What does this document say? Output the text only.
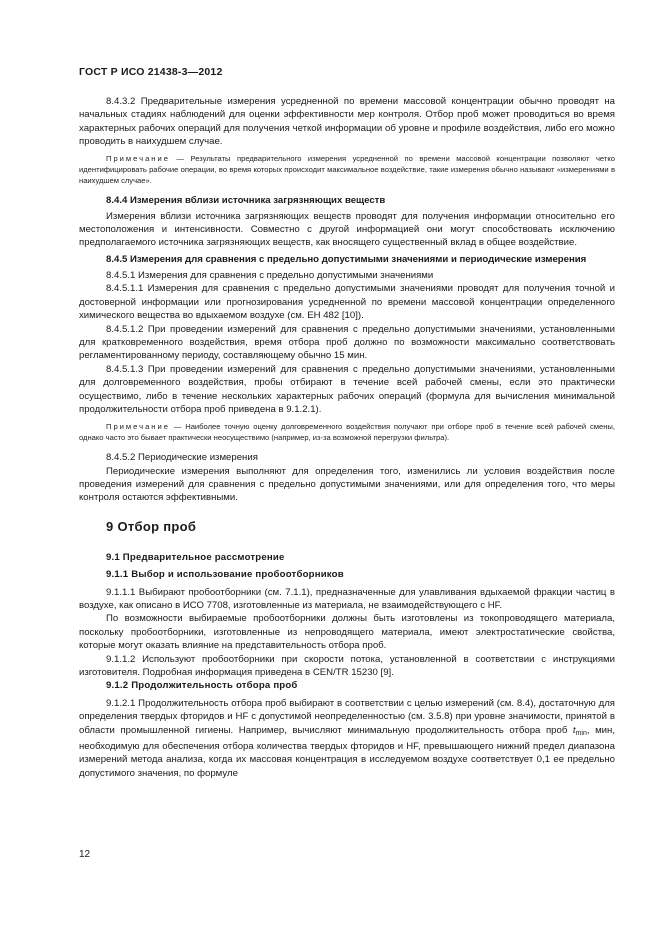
ГОСТ Р ИСО 21438-3—2012

8.4.3.2 Предварительные измерения усредненной по времени массовой концентрации обычно проводят на начальных стадиях наблюдений для оценки эффективности мер контроля. Отбор проб может проводиться во время характерных рабочих операций для получения четкой информации об уровне и профиле воздействия, либо его можно проводить в наихудшем случае.

Примечание — Результаты предварительного измерения усредненной по времени массовой концентрации позволяют четко идентифицировать рабочие операции, во время которых происходит максимальное воздействие, такие измерения обычно называют «измерениями в наихудшем случае».

8.4.4 Измерения вблизи источника загрязняющих веществ

Измерения вблизи источника загрязняющих веществ проводят для получения информации относительно его местоположения и интенсивности. Совместно с другой информацией они могут способствовать исключению предполагаемого источника загрязняющих веществ, как вносящего существенный вклад в общее воздействие.

8.4.5 Измерения для сравнения с предельно допустимыми значениями и периодические измерения

8.4.5.1 Измерения для сравнения с предельно допустимыми значениями

8.4.5.1.1 Измерения для сравнения с предельно допустимыми значениями проводят для получения точной и достоверной информации или прогнозирования усредненной по времени массовой концентрации определенного химического вещества во вдыхаемом воздухе (см. ЕН 482 [10]).

8.4.5.1.2 При проведении измерений для сравнения с предельно допустимыми значениями, установленными для кратковременного воздействия, время отбора проб должно по возможности максимально соответствовать регламентированному периоду, составляющему обычно 15 мин.

8.4.5.1.3 При проведении измерений для сравнения с предельно допустимыми значениями, установленными для долговременного воздействия, пробы отбирают в течение всей рабочей смены, если это практически осуществимо, либо в течение нескольких характерных рабочих операций (формула для вычисления минимальной продолжительности отбора проб приведена в 9.1.2.1).

Примечание — Наиболее точную оценку долговременного воздействия получают при отборе проб в течение всей рабочей смены, однако часто это бывает практически неосуществимо (например, из-за возможной перегрузки фильтра).

8.4.5.2 Периодические измерения

Периодические измерения выполняют для определения того, изменились ли условия воздействия после проведения измерений для сравнения с предельно допустимыми значениями, или для определения того, что меры контроля остаются эффективными.

9 Отбор проб
9.1 Предварительное рассмотрение
9.1.1 Выбор и использование пробоотборников

9.1.1.1 Выбирают пробоотборники (см. 7.1.1), предназначенные для улавливания вдыхаемой фракции частиц в воздухе, как описано в ИСО 7708, изготовленные из материала, не взаимодействующего с HF.

По возможности выбираемые пробоотборники должны быть изготовлены из токопроводящего материала, поскольку пробоотборники, изготовленные из непроводящего материала, имеют электростатические свойства, которые могут оказать влияние на представительность отбора проб.

9.1.1.2 Используют пробоотборники при скорости потока, установленной в соответствии с инструкциями изготовителя. Подробная информация приведена в CEN/TR 15230 [9].

9.1.2 Продолжительность отбора проб

9.1.2.1 Продолжительность отбора проб выбирают в соответствии с целью измерений (см. 8.4), достаточную для определения твердых фторидов и HF с допустимой неопределенностью (см. 3.5.8) при уровне значимости, принятой в области промышленной гигиены. Например, вычисляют минимальную продолжительность отбора проб $t_{min}$, мин, необходимую для обеспечения отбора количества твердых фторидов и HF, превышающего нижний предел диапазона измерений метода анализа, когда их массовая концентрация в исследуемом воздухе соответствует 0,1 ее предельно допустимого значения, по формуле

12
